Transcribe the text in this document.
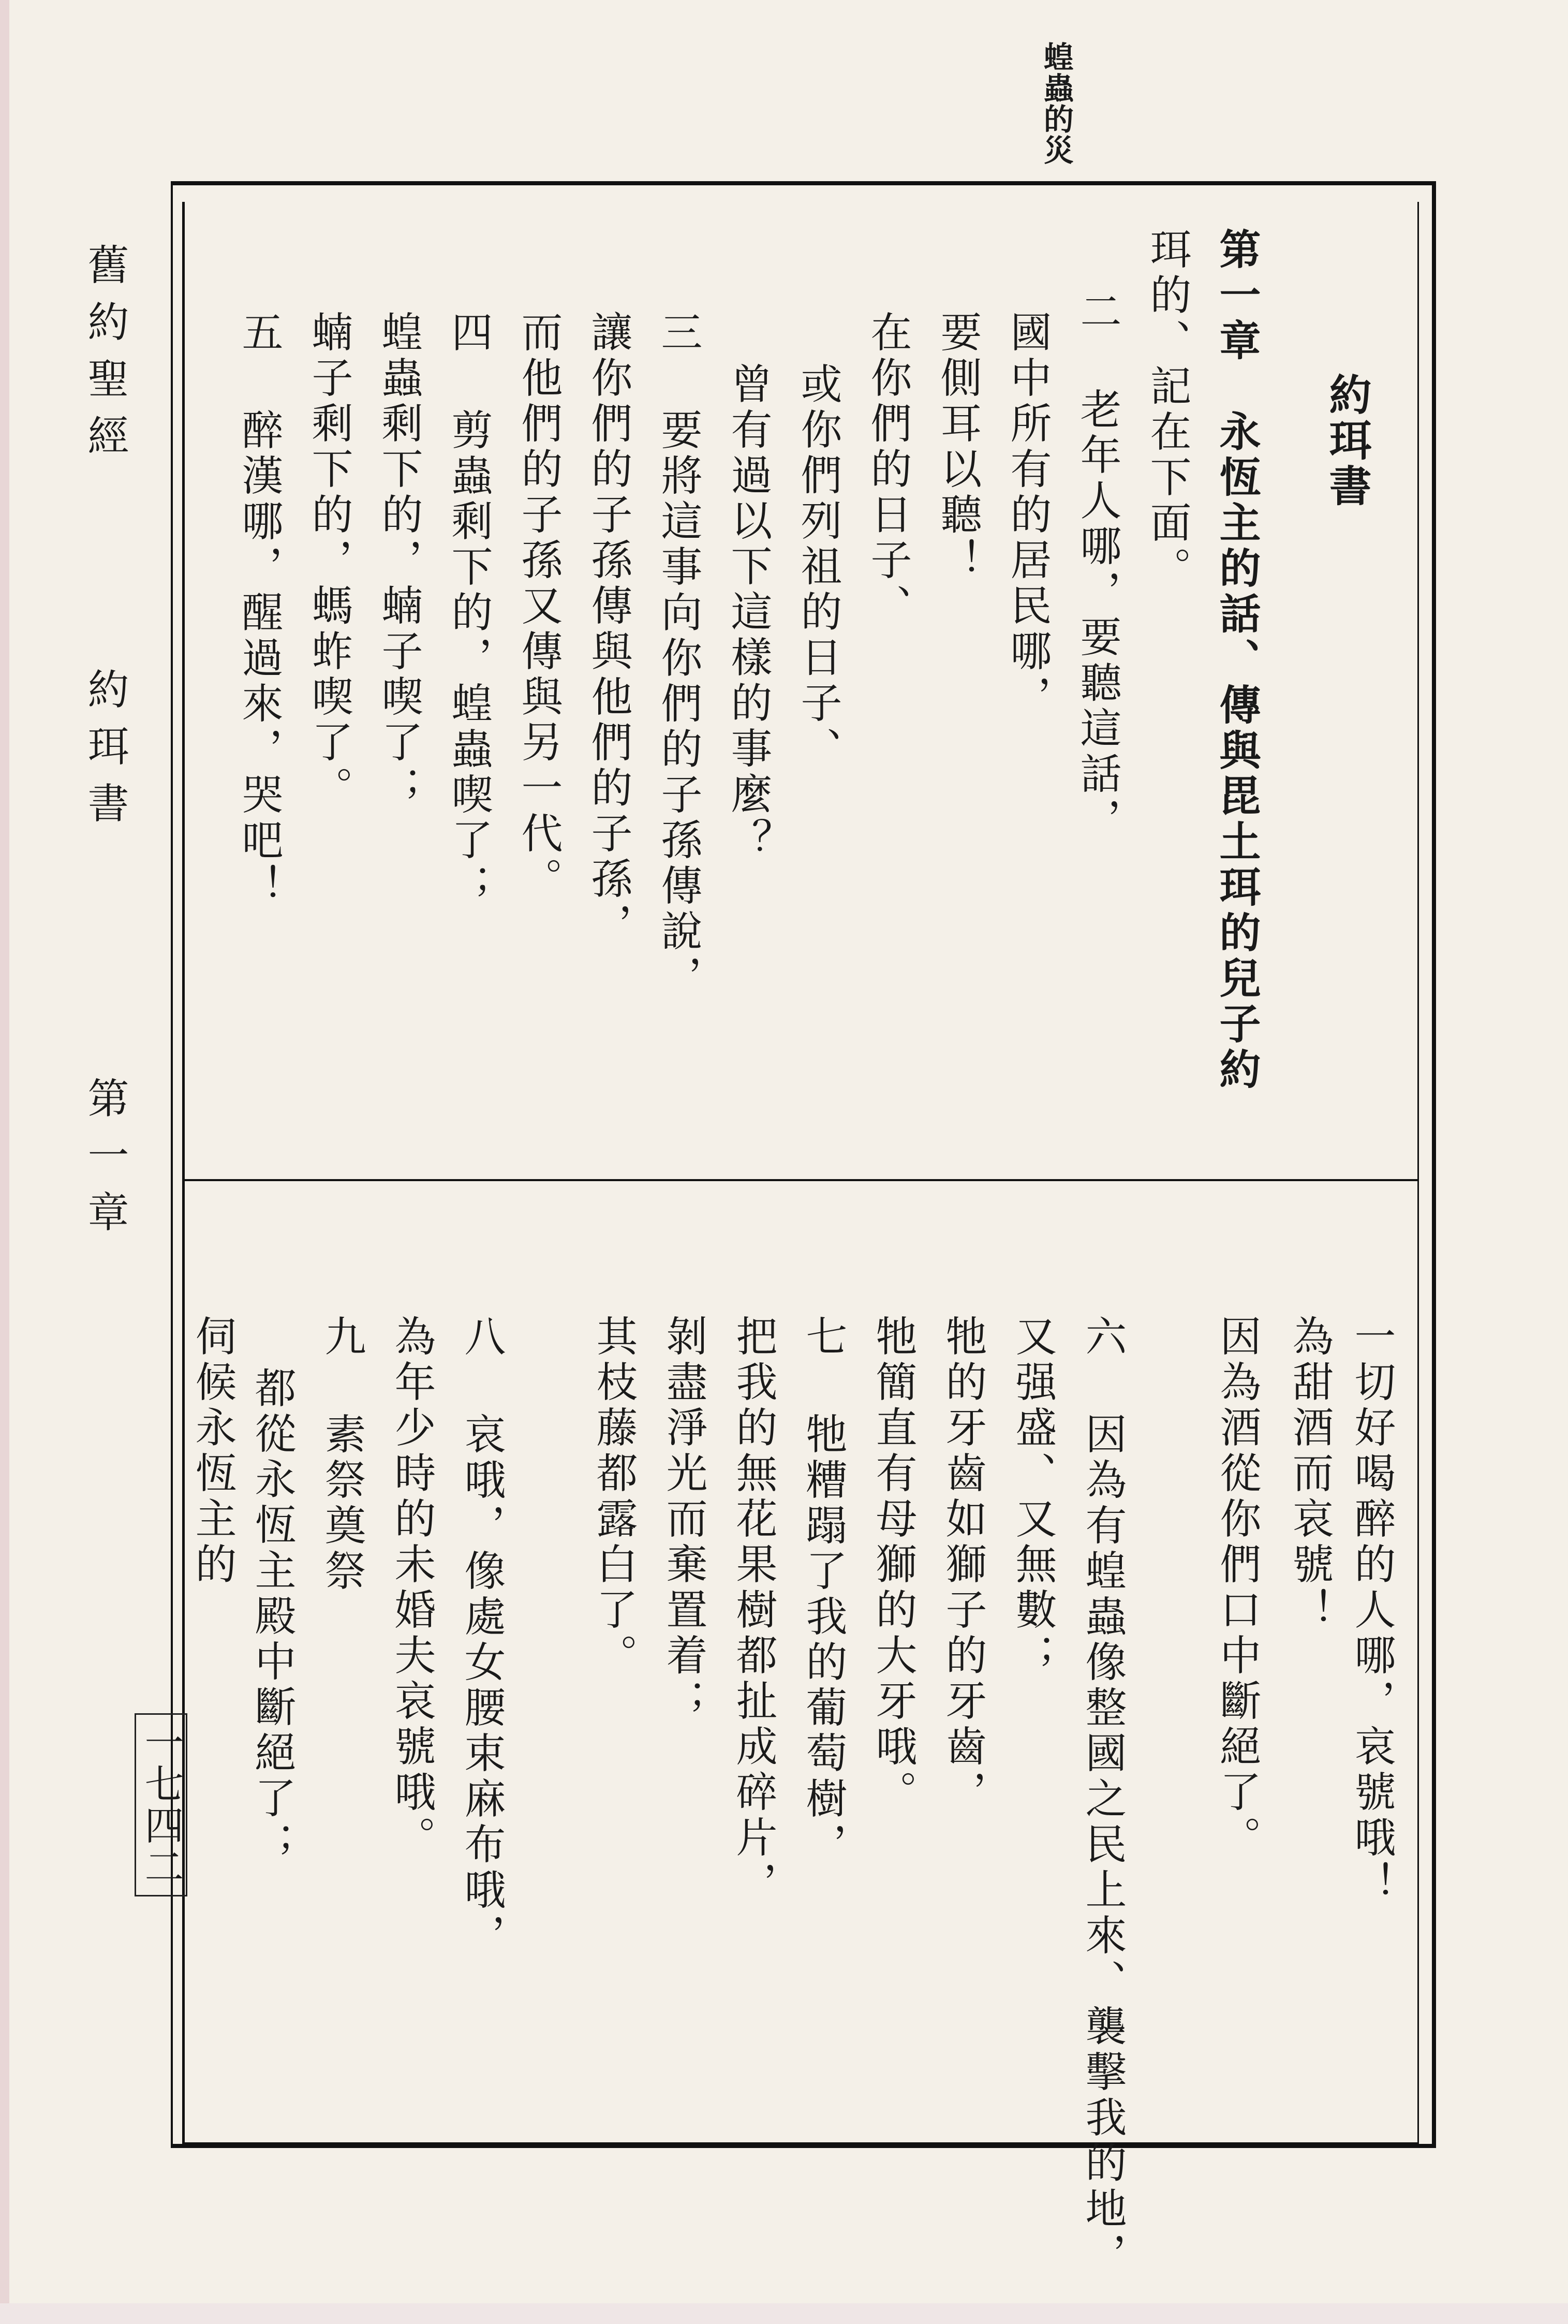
蝗蟲的災
舊約聖經
約珥書
第一章
一七四二
約珥書
第一章　永恆主的話、傳與毘土珥的兒子約
珥的、記在下面。
二 老年人哪，要聽這話，
國中所有的居民哪，
要側耳以聽！
在你們的日子、
或你們列祖的日子、
曾有過以下這樣的事麼？
三 要將這事向你們的子孫傳說，
讓你們的子孫傳與他們的子孫，
而他們的子孫又傳與另一代。
四 剪蟲剩下的，蝗蟲喫了；
蝗蟲剩下的，蝻子喫了；
蝻子剩下的，螞蚱喫了。
五 醉漢哪，醒過來，哭吧！
一切好喝醉的人哪，哀號哦！
為甜酒而哀號！
因為酒從你們口中斷絕了。
六 因為有蝗蟲像整國之民上來、襲擊我的地，
又强盛、又無數；
牠的牙齒如獅子的牙齒，
牠簡直有母獅的大牙哦。
七 牠糟蹋了我的葡萄樹，
把我的無花果樹都扯成碎片，
剝盡淨光而棄置着；
其枝藤都露白了。
八 哀哦，像處女腰束麻布哦，
為年少時的未婚夫哀號哦。
九 素祭奠祭
都從永恆主殿中斷絕了；
伺候永恆主的
